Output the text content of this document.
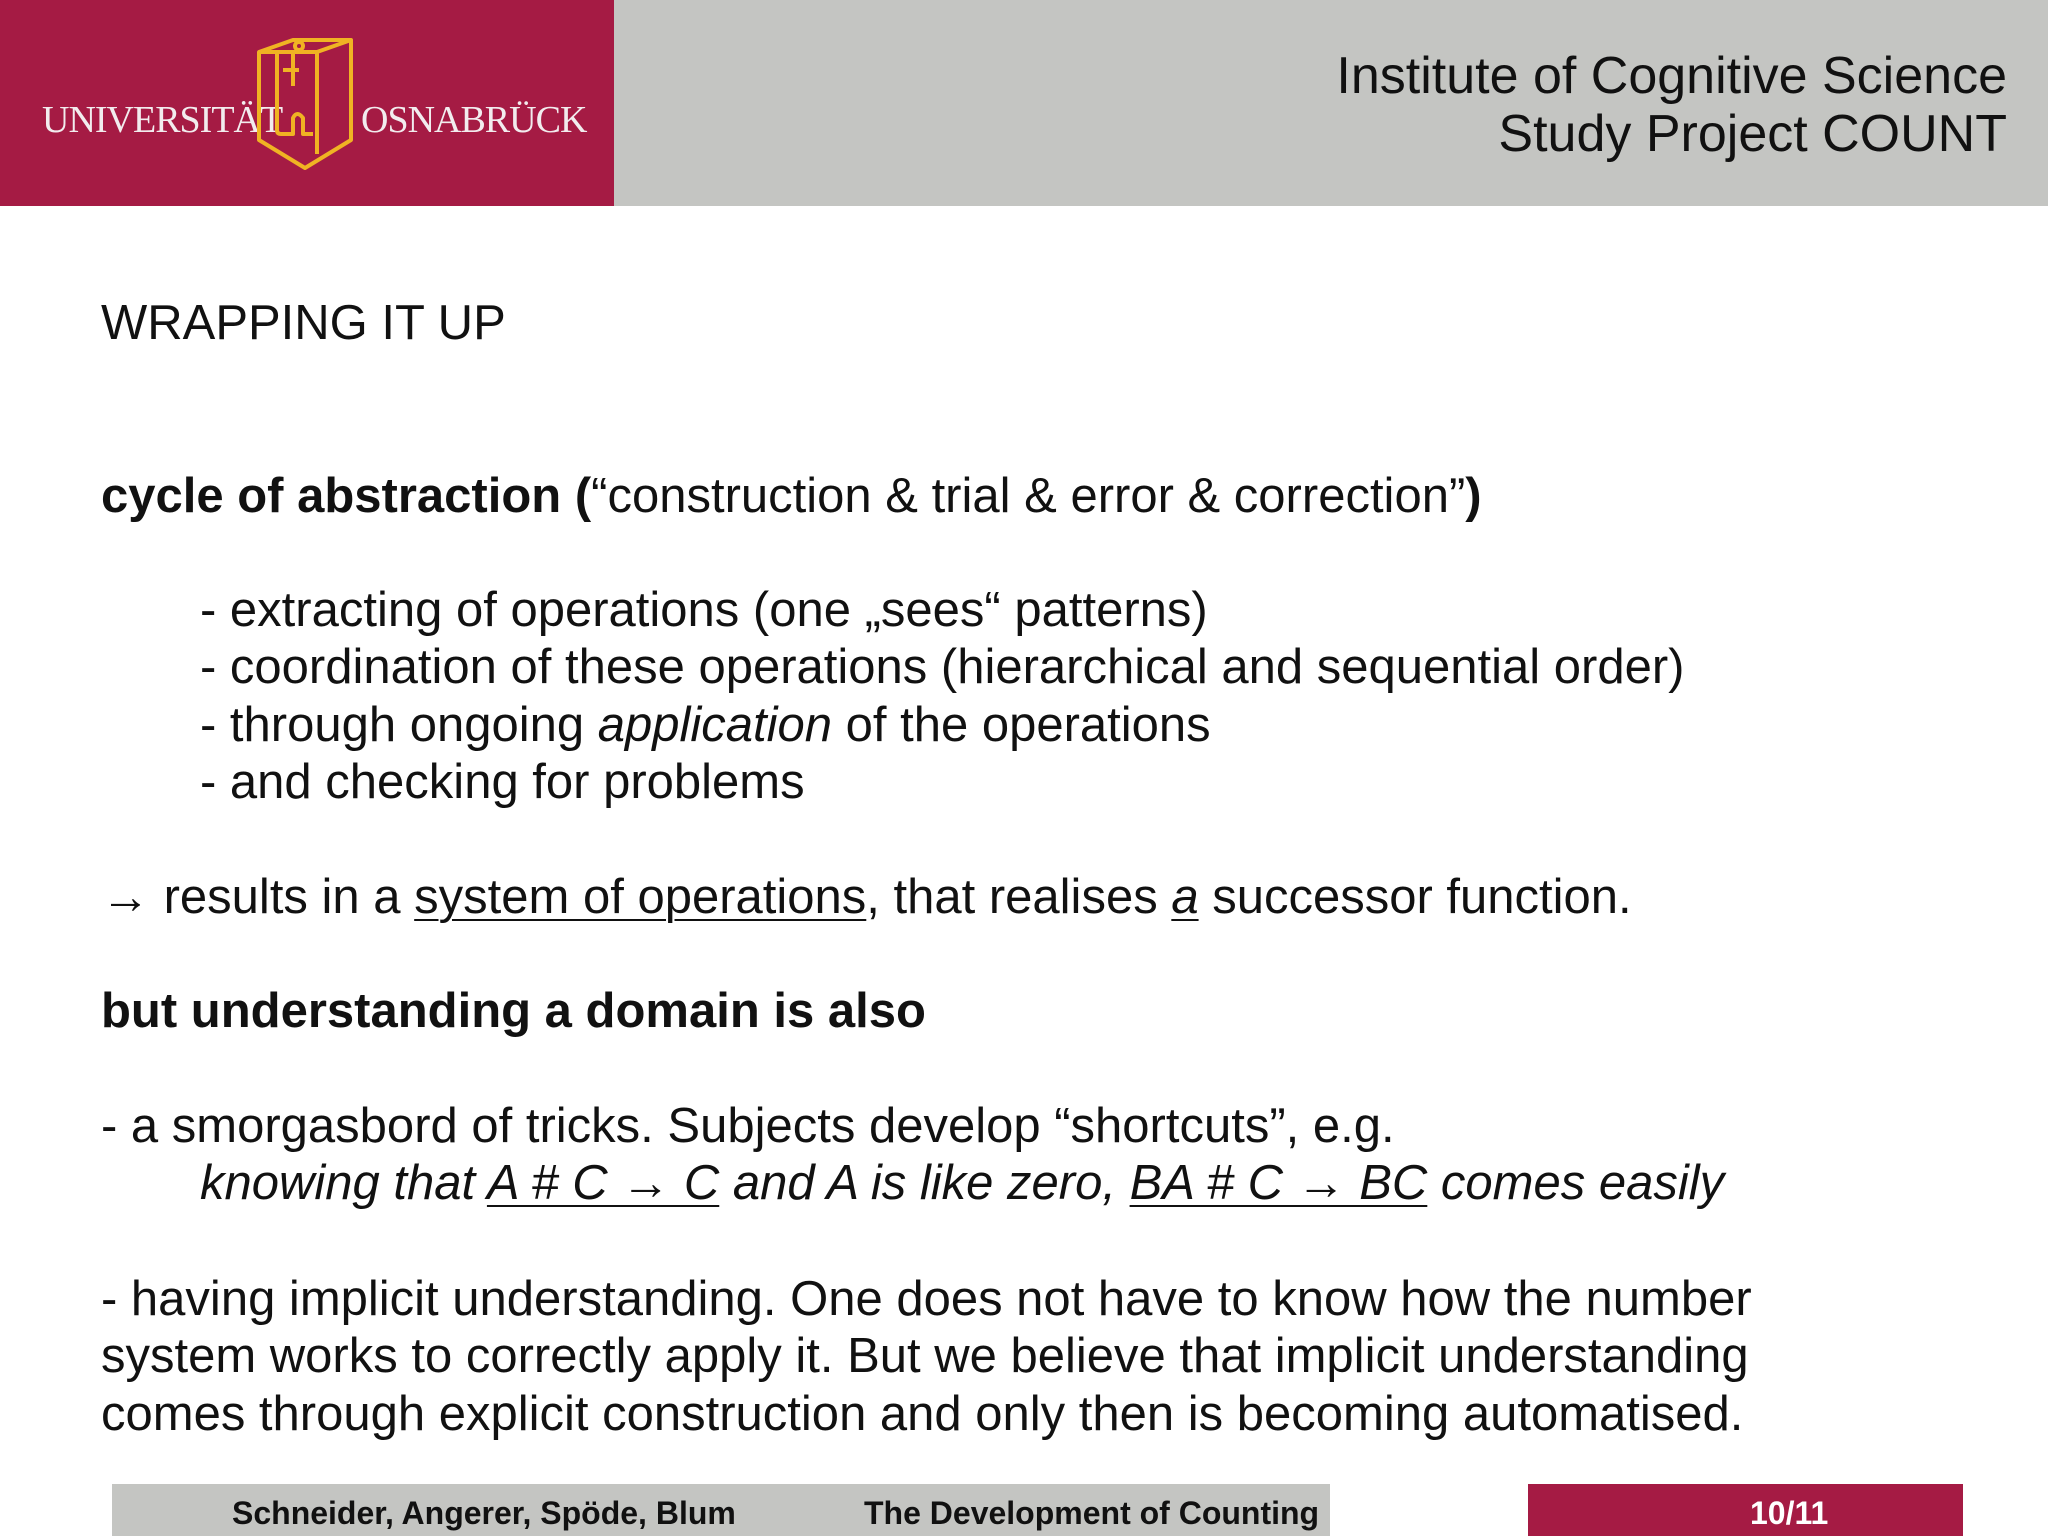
UNIVERSITÄT OSNABRÜCK
Institute of Cognitive Science
Study Project COUNT
WRAPPING IT UP
cycle of abstraction (“construction & trial & error & correction”)
- extracting of operations (one „sees“ patterns)
- coordination of these operations (hierarchical and sequential order)
- through ongoing application of the operations
- and checking for problems
→ results in a system of operations, that realises a successor function.
but understanding a domain is also
- a smorgasbord of tricks. Subjects develop “shortcuts”, e.g.
knowing that A # C → C and A is like zero, BA # C → BC comes easily
- having implicit understanding. One does not have to know how the number
system works to correctly apply it. But we believe that implicit understanding
comes through explicit construction and only then is becoming automatised.
Schneider, Angerer, Spöde, Blum	The Development of Counting	10/11
